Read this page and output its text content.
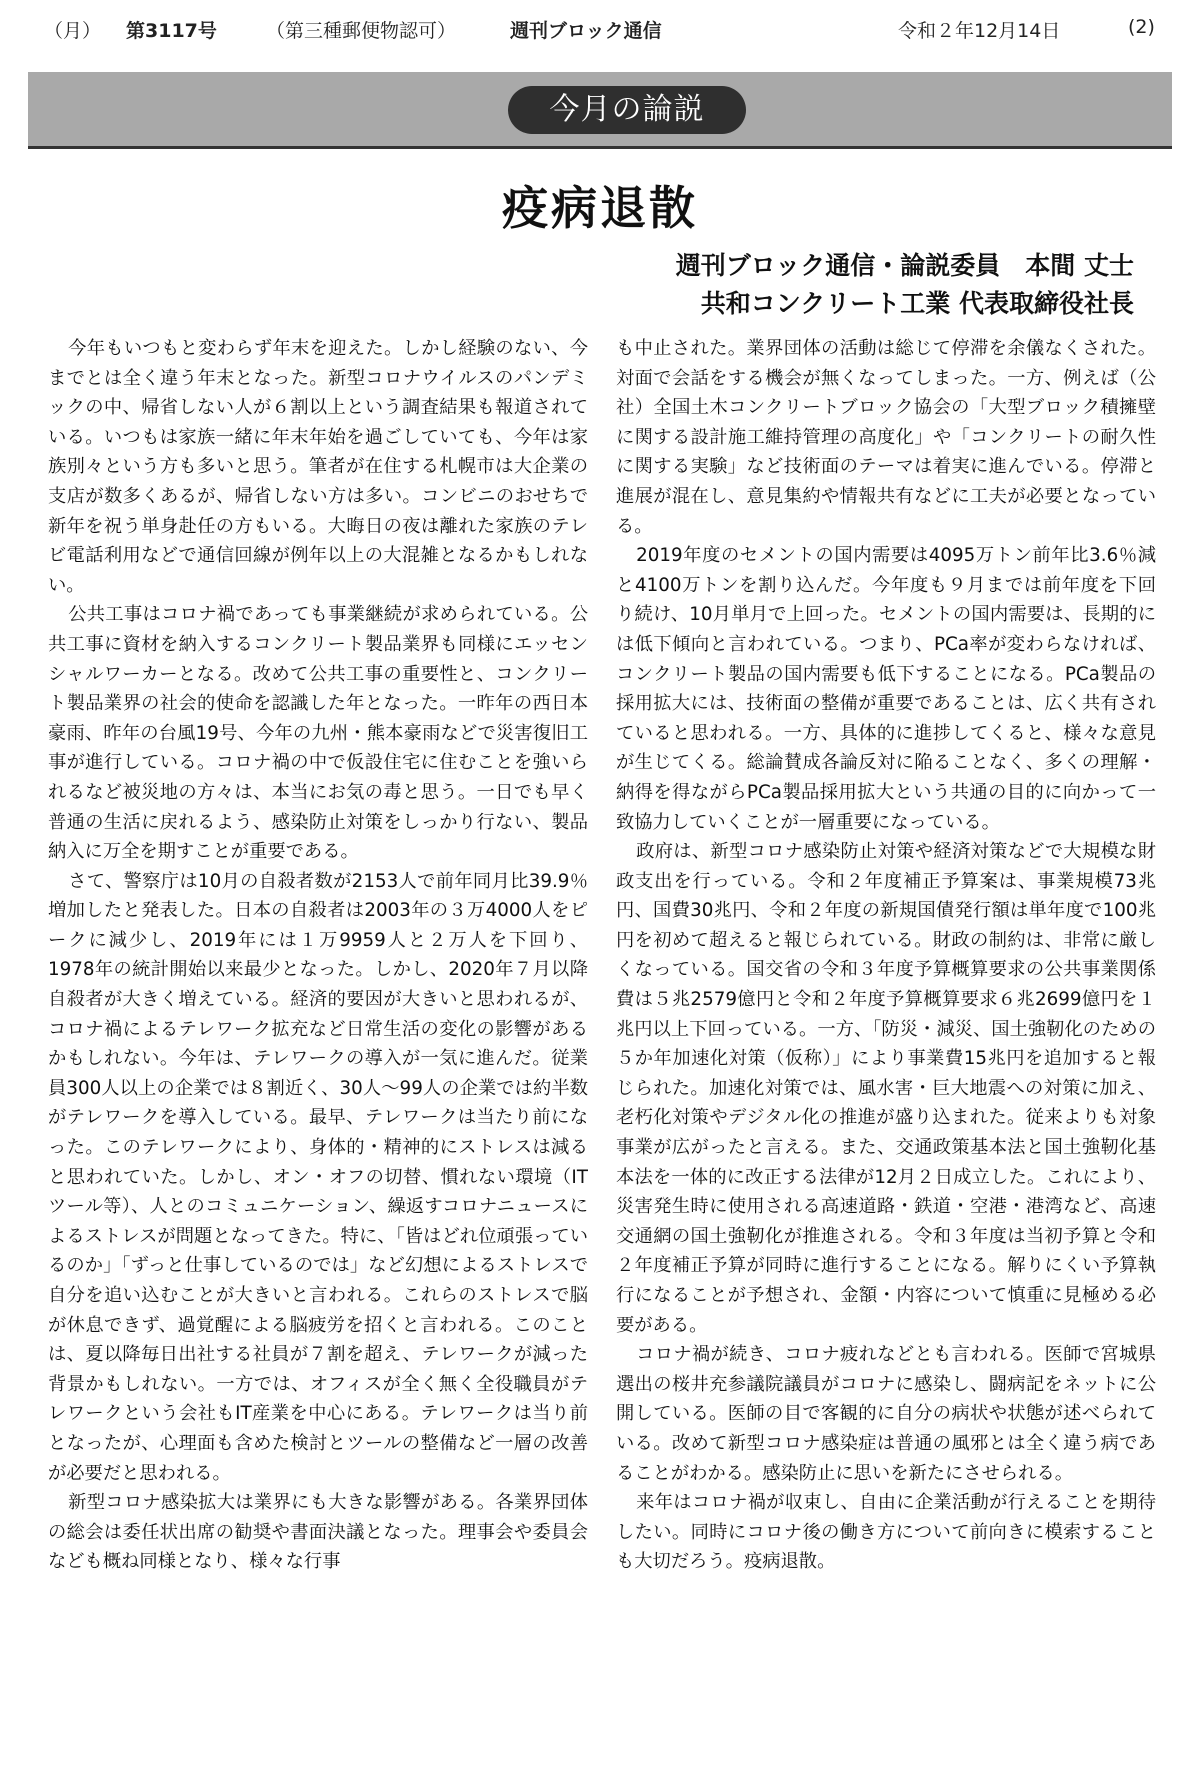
（月） 第3117号	（第三種郵便物認可）	週刊ブロック通信	令和２年12月14日	(2)
今月の論説
疫病退散
週刊ブロック通信・論説委員　本間 丈士
共和コンクリート工業 代表取締役社長

今年もいつもと変わらず年末を迎えた。しかし経験のない、今までとは全く違う年末となった。新型コロナウイルスのパンデミックの中、帰省しない人が６割以上という調査結果も報道されている。いつもは家族一緒に年末年始を過ごしていても、今年は家族別々という方も多いと思う。筆者が在住する札幌市は大企業の支店が数多くあるが、帰省しない方は多い。コンビニのおせちで新年を祝う単身赴任の方もいる。大晦日の夜は離れた家族のテレビ電話利用などで通信回線が例年以上の大混雑となるかもしれない。

公共工事はコロナ禍であっても事業継続が求められている。公共工事に資材を納入するコンクリート製品業界も同様にエッセンシャルワーカーとなる。改めて公共工事の重要性と、コンクリート製品業界の社会的使命を認識した年となった。一昨年の西日本豪雨、昨年の台風19号、今年の九州・熊本豪雨などで災害復旧工事が進行している。コロナ禍の中で仮設住宅に住むことを強いられるなど被災地の方々は、本当にお気の毒と思う。一日でも早く普通の生活に戻れるよう、感染防止対策をしっかり行ない、製品納入に万全を期すことが重要である。

さて、警察庁は10月の自殺者数が2153人で前年同月比39.9％増加したと発表した。日本の自殺者は2003年の３万4000人をピークに減少し、2019年には１万9959人と２万人を下回り、1978年の統計開始以来最少となった。しかし、2020年７月以降自殺者が大きく増えている。経済的要因が大きいと思われるが、コロナ禍によるテレワーク拡充など日常生活の変化の影響があるかもしれない。今年は、テレワークの導入が一気に進んだ。従業員300人以上の企業では８割近く、30人～99人の企業では約半数がテレワークを導入している。最早、テレワークは当たり前になった。このテレワークにより、身体的・精神的にストレスは減ると思われていた。しかし、オン・オフの切替、慣れない環境（ITツール等）、人とのコミュニケーション、繰返すコロナニュースによるストレスが問題となってきた。特に、「皆はどれ位頑張っているのか」「ずっと仕事しているのでは」など幻想によるストレスで自分を追い込むことが大きいと言われる。これらのストレスで脳が休息できず、過覚醒による脳疲労を招くと言われる。このことは、夏以降毎日出社する社員が７割を超え、テレワークが減った背景かもしれない。一方では、オフィスが全く無く全役職員がテレワークという会社もIT産業を中心にある。テレワークは当り前となったが、心理面も含めた検討とツールの整備など一層の改善が必要だと思われる。

新型コロナ感染拡大は業界にも大きな影響がある。各業界団体の総会は委任状出席の勧奨や書面決議となった。理事会や委員会なども概ね同様となり、様々な行事

も中止された。業界団体の活動は総じて停滞を余儀なくされた。対面で会話をする機会が無くなってしまった。一方、例えば（公社）全国土木コンクリートブロック協会の「大型ブロック積擁壁に関する設計施工維持管理の高度化」や「コンクリートの耐久性に関する実験」など技術面のテーマは着実に進んでいる。停滞と進展が混在し、意見集約や情報共有などに工夫が必要となっている。

2019年度のセメントの国内需要は4095万トン前年比3.6％減と4100万トンを割り込んだ。今年度も９月までは前年度を下回り続け、10月単月で上回った。セメントの国内需要は、長期的には低下傾向と言われている。つまり、PCa率が変わらなければ、コンクリート製品の国内需要も低下することになる。PCa製品の採用拡大には、技術面の整備が重要であることは、広く共有されていると思われる。一方、具体的に進捗してくると、様々な意見が生じてくる。総論賛成各論反対に陥ることなく、多くの理解・納得を得ながらPCa製品採用拡大という共通の目的に向かって一致協力していくことが一層重要になっている。

政府は、新型コロナ感染防止対策や経済対策などで大規模な財政支出を行っている。令和２年度補正予算案は、事業規模73兆円、国費30兆円、令和２年度の新規国債発行額は単年度で100兆円を初めて超えると報じられている。財政の制約は、非常に厳しくなっている。国交省の令和３年度予算概算要求の公共事業関係費は５兆2579億円と令和２年度予算概算要求６兆2699億円を１兆円以上下回っている。一方、「防災・減災、国土強靭化のための５か年加速化対策（仮称）」により事業費15兆円を追加すると報じられた。加速化対策では、風水害・巨大地震への対策に加え、老朽化対策やデジタル化の推進が盛り込まれた。従来よりも対象事業が広がったと言える。また、交通政策基本法と国土強靭化基本法を一体的に改正する法律が12月２日成立した。これにより、災害発生時に使用される高速道路・鉄道・空港・港湾など、高速交通網の国土強靭化が推進される。令和３年度は当初予算と令和２年度補正予算が同時に進行することになる。解りにくい予算執行になることが予想され、金額・内容について慎重に見極める必要がある。

コロナ禍が続き、コロナ疲れなどとも言われる。医師で宮城県選出の桜井充参議院議員がコロナに感染し、闘病記をネットに公開している。医師の目で客観的に自分の病状や状態が述べられている。改めて新型コロナ感染症は普通の風邪とは全く違う病であることがわかる。感染防止に思いを新たにさせられる。

来年はコロナ禍が収束し、自由に企業活動が行えることを期待したい。同時にコロナ後の働き方について前向きに模索することも大切だろう。疫病退散。
